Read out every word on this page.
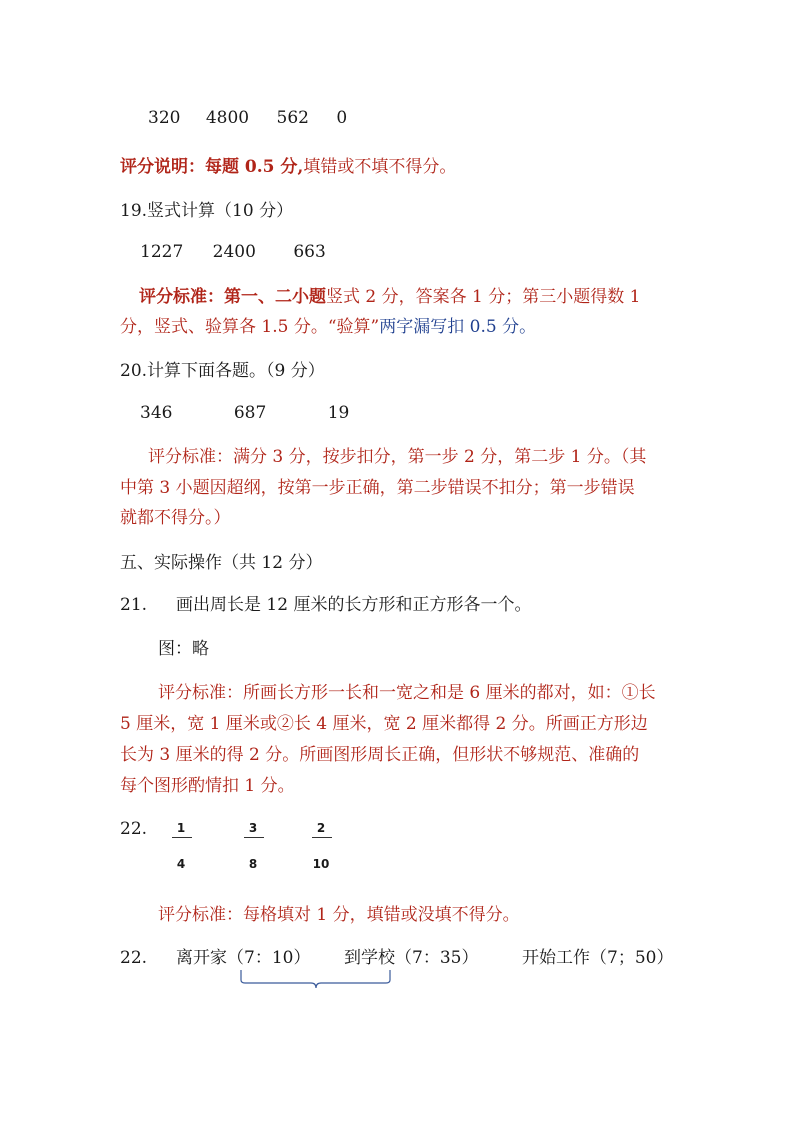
320 4800 562 0
评分说明：每题 0.5 分,填错或不填不得分。
19.竖式计算（10 分）
1227 2400 663
评分标准：第一、二小题竖式 2 分，答案各 1 分；第三小题得数 1
分，竖式、验算各 1.5 分。“验算”两字漏写扣 0.5 分。
20.计算下面各题。（9 分）
346	687	19
评分标准：满分 3 分，按步扣分，第一步 2 分，第二步 1 分。（其
中第 3 小题因超纲，按第一步正确，第二步错误不扣分；第一步错误
就都不得分。）
五、实际操作（共 12 分）
21. 画出周长是 12 厘米的长方形和正方形各一个。
图：略
评分标准：所画长方形一长和一宽之和是 6 厘米的都对，如：①长
5 厘米，宽 1 厘米或②长 4 厘米，宽 2 厘米都得 2 分。所画正方形边
长为 3 厘米的得 2 分。所画图形周长正确，但形状不够规范、准确的
每个图形酌情扣 1 分。
22.	1
4
3
8
2
10
评分标准：每格填对 1 分，填错或没填不得分。
22. 离开家（7：10） 到学校（7：35）	开始工作（7；50）
